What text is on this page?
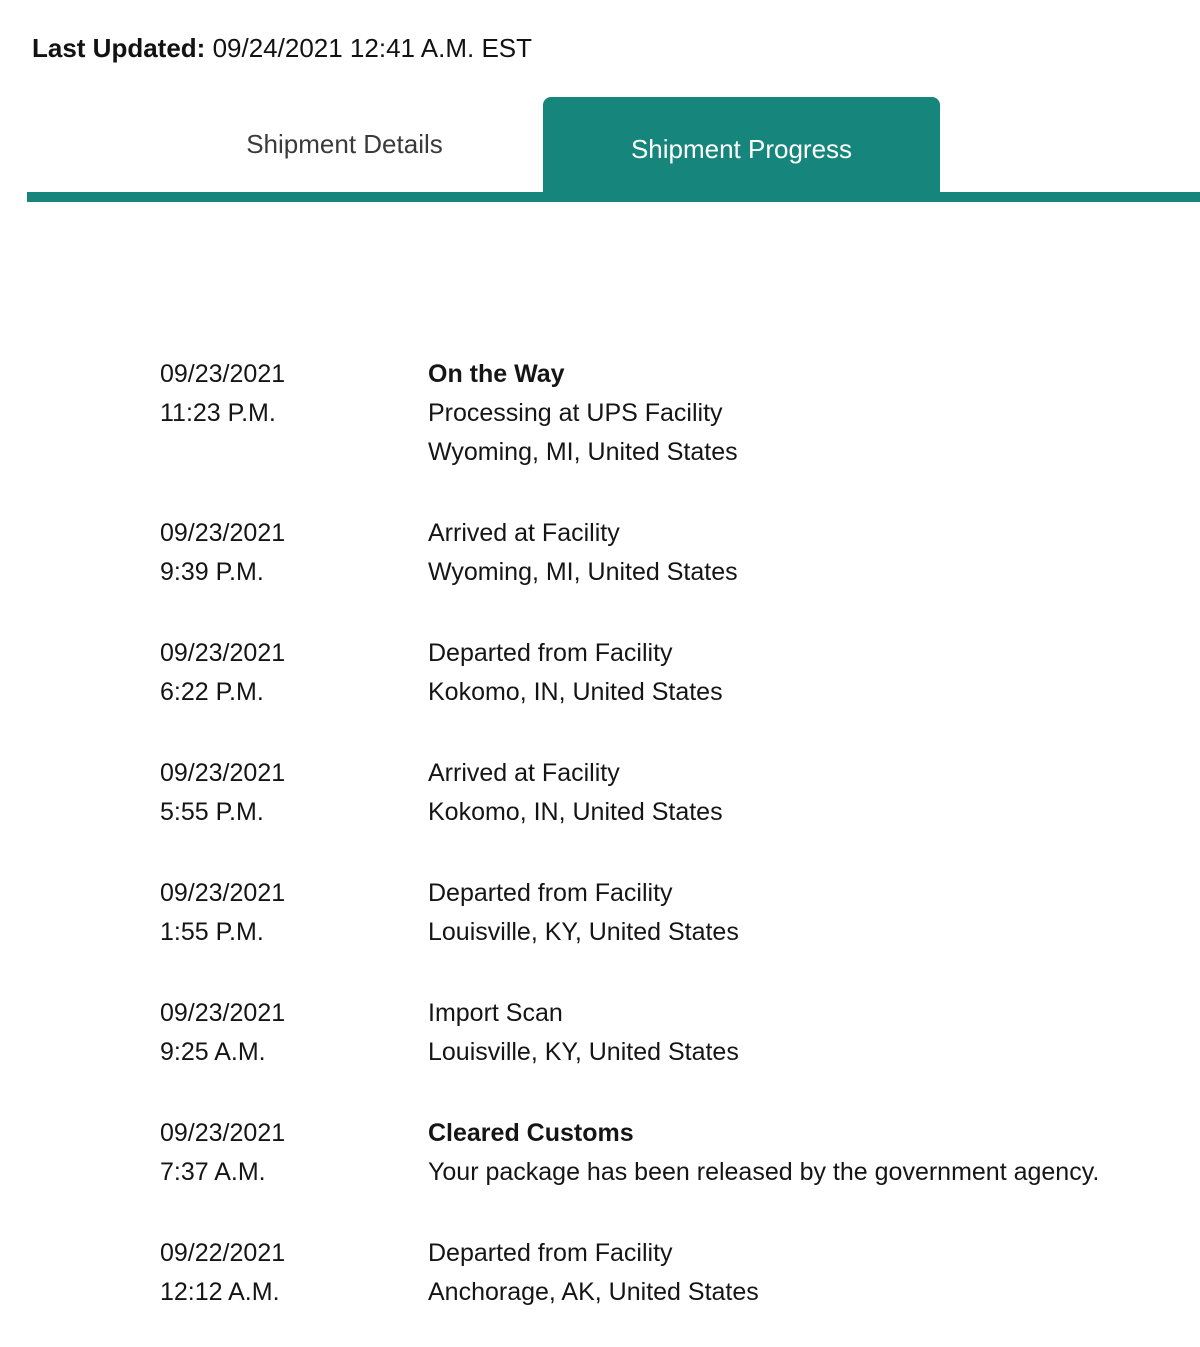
Last Updated: 09/24/2021 12:41 A.M. EST
Shipment Details	Shipment Progress
09/23/2021
11:23 P.M.
On the Way
Processing at UPS Facility
Wyoming, MI, United States
09/23/2021
9:39 P.M.
Arrived at Facility
Wyoming, MI, United States
09/23/2021
6:22 P.M.
Departed from Facility
Kokomo, IN, United States
09/23/2021
5:55 P.M.
Arrived at Facility
Kokomo, IN, United States
09/23/2021
1:55 P.M.
Departed from Facility
Louisville, KY, United States
09/23/2021
9:25 A.M.
Import Scan
Louisville, KY, United States
09/23/2021
7:37 A.M.
Cleared Customs
Your package has been released by the government agency.
09/22/2021
12:12 A.M.
Departed from Facility
Anchorage, AK, United States
